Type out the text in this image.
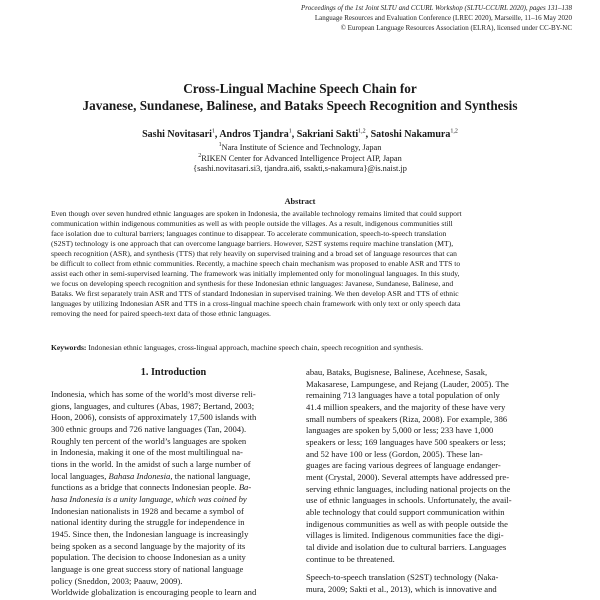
Proceedings of the 1st Joint SLTU and CCURL Workshop (SLTU-CCURL 2020), pages 131–138
Language Resources and Evaluation Conference (LREC 2020), Marseille, 11–16 May 2020
© European Language Resources Association (ELRA), licensed under CC-BY-NC
Cross-Lingual Machine Speech Chain for
Javanese, Sundanese, Balinese, and Bataks Speech Recognition and Synthesis
Sashi Novitasari$^1$, Andros Tjandra$^1$, Sakriani Sakti$^{1,2}$, Satoshi Nakamura$^{1,2}$
$^1$Nara Institute of Science and Technology, Japan
$^2$RIKEN Center for Advanced Intelligence Project AIP, Japan
{sashi.novitasari.si3, tjandra.ai6, ssakti,s-nakamura}@is.naist.jp
Abstract
Even though over seven hundred ethnic languages are spoken in Indonesia, the available technology remains limited that could support
communication within indigenous communities as well as with people outside the villages. As a result, indigenous communities still
face isolation due to cultural barriers; languages continue to disappear. To accelerate communication, speech-to-speech translation
(S2ST) technology is one approach that can overcome language barriers. However, S2ST systems require machine translation (MT),
speech recognition (ASR), and synthesis (TTS) that rely heavily on supervised training and a broad set of language resources that can
be difficult to collect from ethnic communities. Recently, a machine speech chain mechanism was proposed to enable ASR and TTS to
assist each other in semi-supervised learning. The framework was initially implemented only for monolingual languages. In this study,
we focus on developing speech recognition and synthesis for these Indonesian ethnic languages: Javanese, Sundanese, Balinese, and
Bataks. We first separately train ASR and TTS of standard Indonesian in supervised training. We then develop ASR and TTS of ethnic
languages by utilizing Indonesian ASR and TTS in a cross-lingual machine speech chain framework with only text or only speech data
removing the need for paired speech-text data of those ethnic languages.
Keywords: Indonesian ethnic languages, cross-lingual approach, machine speech chain, speech recognition and synthesis.
1. Introduction
Indonesia, which has some of the world’s most diverse reli-
gions, languages, and cultures (Abas, 1987; Bertand, 2003;
Hoon, 2006), consists of approximately 17,500 islands with
300 ethnic groups and 726 native languages (Tan, 2004).
Roughly ten percent of the world’s languages are spoken
in Indonesia, making it one of the most multilingual na-
tions in the world. In the amidst of such a large number of
local languages, Bahasa Indonesia, the national language,
functions as a bridge that connects Indonesian people. Ba-
hasa Indonesia is a unity language, which was coined by
Indonesian nationalists in 1928 and became a symbol of
national identity during the struggle for independence in
1945. Since then, the Indonesian language is increasingly
being spoken as a second language by the majority of its
population. The decision to choose Indonesian as a unity
language is one great success story of national language
policy (Sneddon, 2003; Paauw, 2009).
Worldwide globalization is encouraging people to learn and
abau, Bataks, Bugisnese, Balinese, Acehnese, Sasak,
Makasarese, Lampungese, and Rejang (Lauder, 2005). The
remaining 713 languages have a total population of only
41.4 million speakers, and the majority of these have very
small numbers of speakers (Riza, 2008). For example, 386
languages are spoken by 5,000 or less; 233 have 1,000
speakers or less; 169 languages have 500 speakers or less;
and 52 have 100 or less (Gordon, 2005). These lan-
guages are facing various degrees of language endanger-
ment (Crystal, 2000). Several attempts have addressed pre-
serving ethnic languages, including national projects on the
use of ethnic languages in schools. Unfortunately, the avail-
able technology that could support communication within
indigenous communities as well as with people outside the
villages is limited. Indigenous communities face the digi-
tal divide and isolation due to cultural barriers. Languages
continue to be threatened.
Speech-to-speech translation (S2ST) technology (Naka-
mura, 2009; Sakti et al., 2013), which is innovative and
